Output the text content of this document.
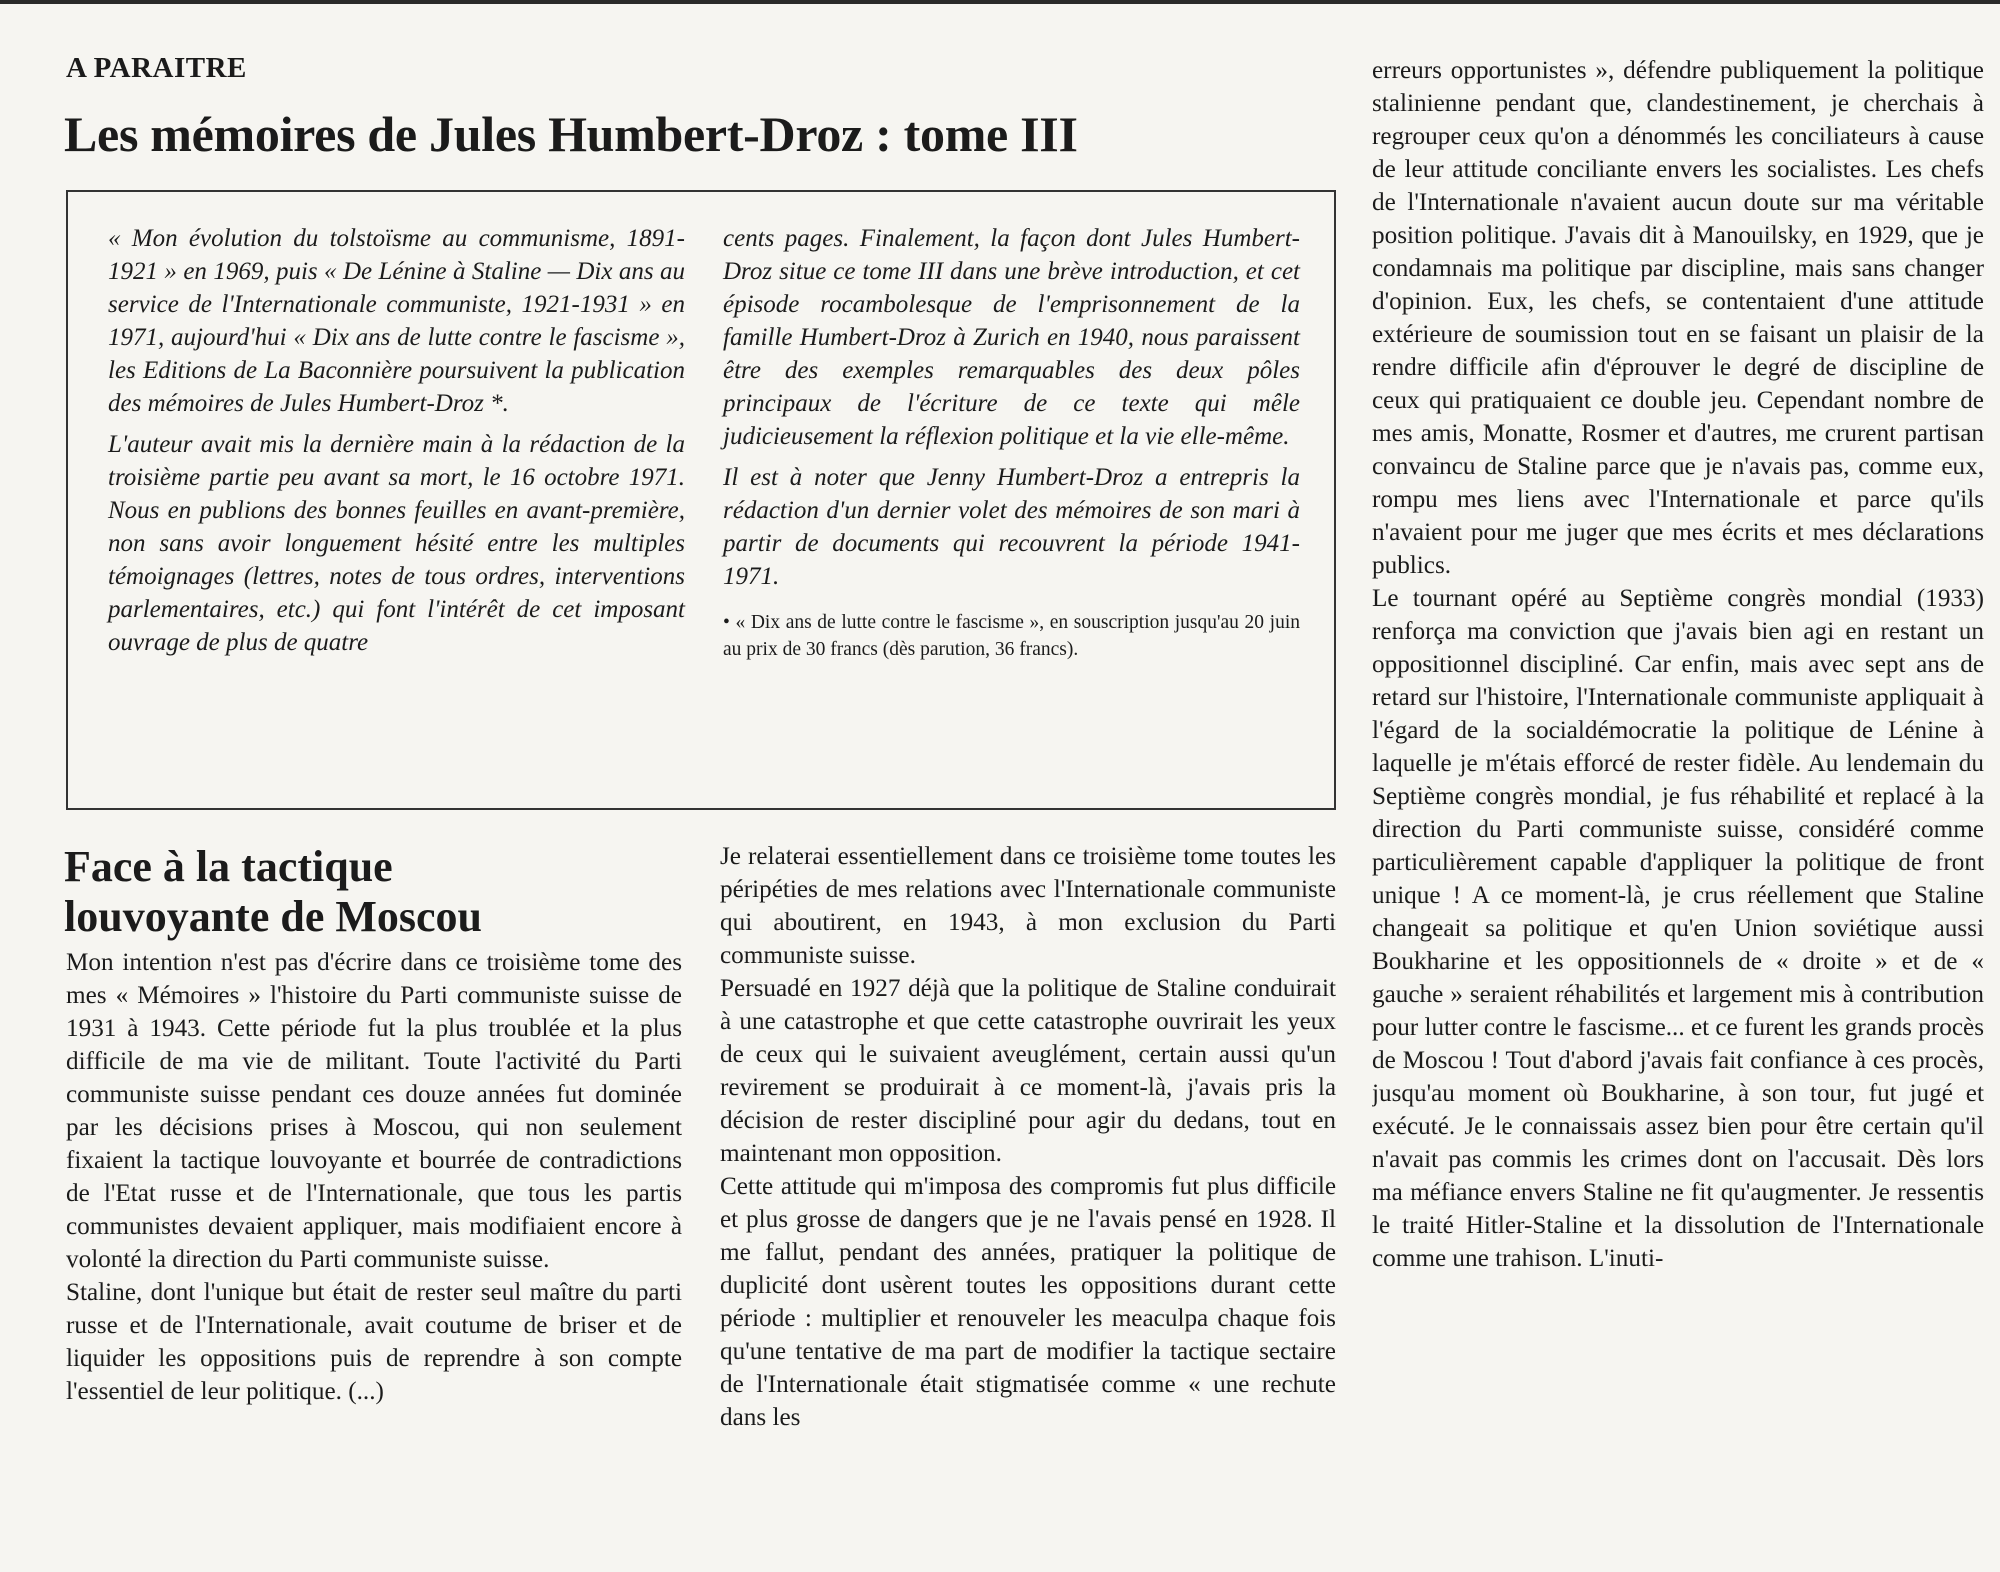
A PARAITRE
Les mémoires de Jules Humbert-Droz : tome III

« Mon évolution du tolstoïsme au communisme, 1891-1921 » en 1969, puis « De Lénine à Staline — Dix ans au service de l'Internationale communiste, 1921-1931 » en 1971, aujourd'hui « Dix ans de lutte contre le fascisme », les Editions de La Baconnière poursuivent la publication des mémoires de Jules Humbert-Droz *.

L'auteur avait mis la dernière main à la rédaction de la troisième partie peu avant sa mort, le 16 octobre 1971. Nous en publions des bonnes feuilles en avant-première, non sans avoir longuement hésité entre les multiples témoignages (lettres, notes de tous ordres, interventions parlementaires, etc.) qui font l'intérêt de cet imposant ouvrage de plus de quatre

cents pages. Finalement, la façon dont Jules Humbert-Droz situe ce tome III dans une brève introduction, et cet épisode rocambolesque de l'emprisonnement de la famille Humbert-Droz à Zurich en 1940, nous paraissent être des exemples remarquables des deux pôles principaux de l'écriture de ce texte qui mêle judicieusement la réflexion politique et la vie elle-même.

Il est à noter que Jenny Humbert-Droz a entrepris la rédaction d'un dernier volet des mémoires de son mari à partir de documents qui recouvrent la période 1941-1971.

• « Dix ans de lutte contre le fascisme », en souscription jusqu'au 20 juin au prix de 30 francs (dès parution, 36 francs).

Face à la tactique
louvoyante de Moscou

Mon intention n'est pas d'écrire dans ce troisième tome des mes « Mémoires » l'histoire du Parti communiste suisse de 1931 à 1943. Cette période fut la plus troublée et la plus difficile de ma vie de militant. Toute l'activité du Parti communiste suisse pendant ces douze années fut dominée par les décisions prises à Moscou, qui non seulement fixaient la tactique louvoyante et bourrée de contradictions de l'Etat russe et de l'Internationale, que tous les partis communistes devaient appliquer, mais modifiaient encore à volonté la direction du Parti communiste suisse.

Staline, dont l'unique but était de rester seul maître du parti russe et de l'Internationale, avait coutume de briser et de liquider les oppositions puis de reprendre à son compte l'essentiel de leur politique. (...)

Je relaterai essentiellement dans ce troisième tome toutes les péripéties de mes relations avec l'Internationale communiste qui aboutirent, en 1943, à mon exclusion du Parti communiste suisse.

Persuadé en 1927 déjà que la politique de Staline conduirait à une catastrophe et que cette catastrophe ouvrirait les yeux de ceux qui le suivaient aveuglément, certain aussi qu'un revirement se produirait à ce moment-là, j'avais pris la décision de rester discipliné pour agir du dedans, tout en maintenant mon opposition.

Cette attitude qui m'imposa des compromis fut plus difficile et plus grosse de dangers que je ne l'avais pensé en 1928. Il me fallut, pendant des années, pratiquer la politique de duplicité dont usèrent toutes les oppositions durant cette période : multiplier et renouveler les meaculpa chaque fois qu'une tentative de ma part de modifier la tactique sectaire de l'Internationale était stigmatisée comme « une rechute dans les

erreurs opportunistes », défendre publiquement la politique stalinienne pendant que, clandestinement, je cherchais à regrouper ceux qu'on a dénommés les conciliateurs à cause de leur attitude conciliante envers les socialistes. Les chefs de l'Internationale n'avaient aucun doute sur ma véritable position politique. J'avais dit à Manouilsky, en 1929, que je condamnais ma politique par discipline, mais sans changer d'opinion. Eux, les chefs, se contentaient d'une attitude extérieure de soumission tout en se faisant un plaisir de la rendre difficile afin d'éprouver le degré de discipline de ceux qui pratiquaient ce double jeu. Cependant nombre de mes amis, Monatte, Rosmer et d'autres, me crurent partisan convaincu de Staline parce que je n'avais pas, comme eux, rompu mes liens avec l'Internationale et parce qu'ils n'avaient pour me juger que mes écrits et mes déclarations publics.

Le tournant opéré au Septième congrès mondial (1933) renforça ma conviction que j'avais bien agi en restant un oppositionnel discipliné. Car enfin, mais avec sept ans de retard sur l'histoire, l'Internationale communiste appliquait à l'égard de la socialdémocratie la politique de Lénine à laquelle je m'étais efforcé de rester fidèle. Au lendemain du Septième congrès mondial, je fus réhabilité et replacé à la direction du Parti communiste suisse, considéré comme particulièrement capable d'appliquer la politique de front unique ! A ce moment-là, je crus réellement que Staline changeait sa politique et qu'en Union soviétique aussi Boukharine et les oppositionnels de « droite » et de « gauche » seraient réhabilités et largement mis à contribution pour lutter contre le fascisme... et ce furent les grands procès de Moscou ! Tout d'abord j'avais fait confiance à ces procès, jusqu'au moment où Boukharine, à son tour, fut jugé et exécuté. Je le connaissais assez bien pour être certain qu'il n'avait pas commis les crimes dont on l'accusait. Dès lors ma méfiance envers Staline ne fit qu'augmenter. Je ressentis le traité Hitler-Staline et la dissolution de l'Internationale comme une trahison. L'inuti-
